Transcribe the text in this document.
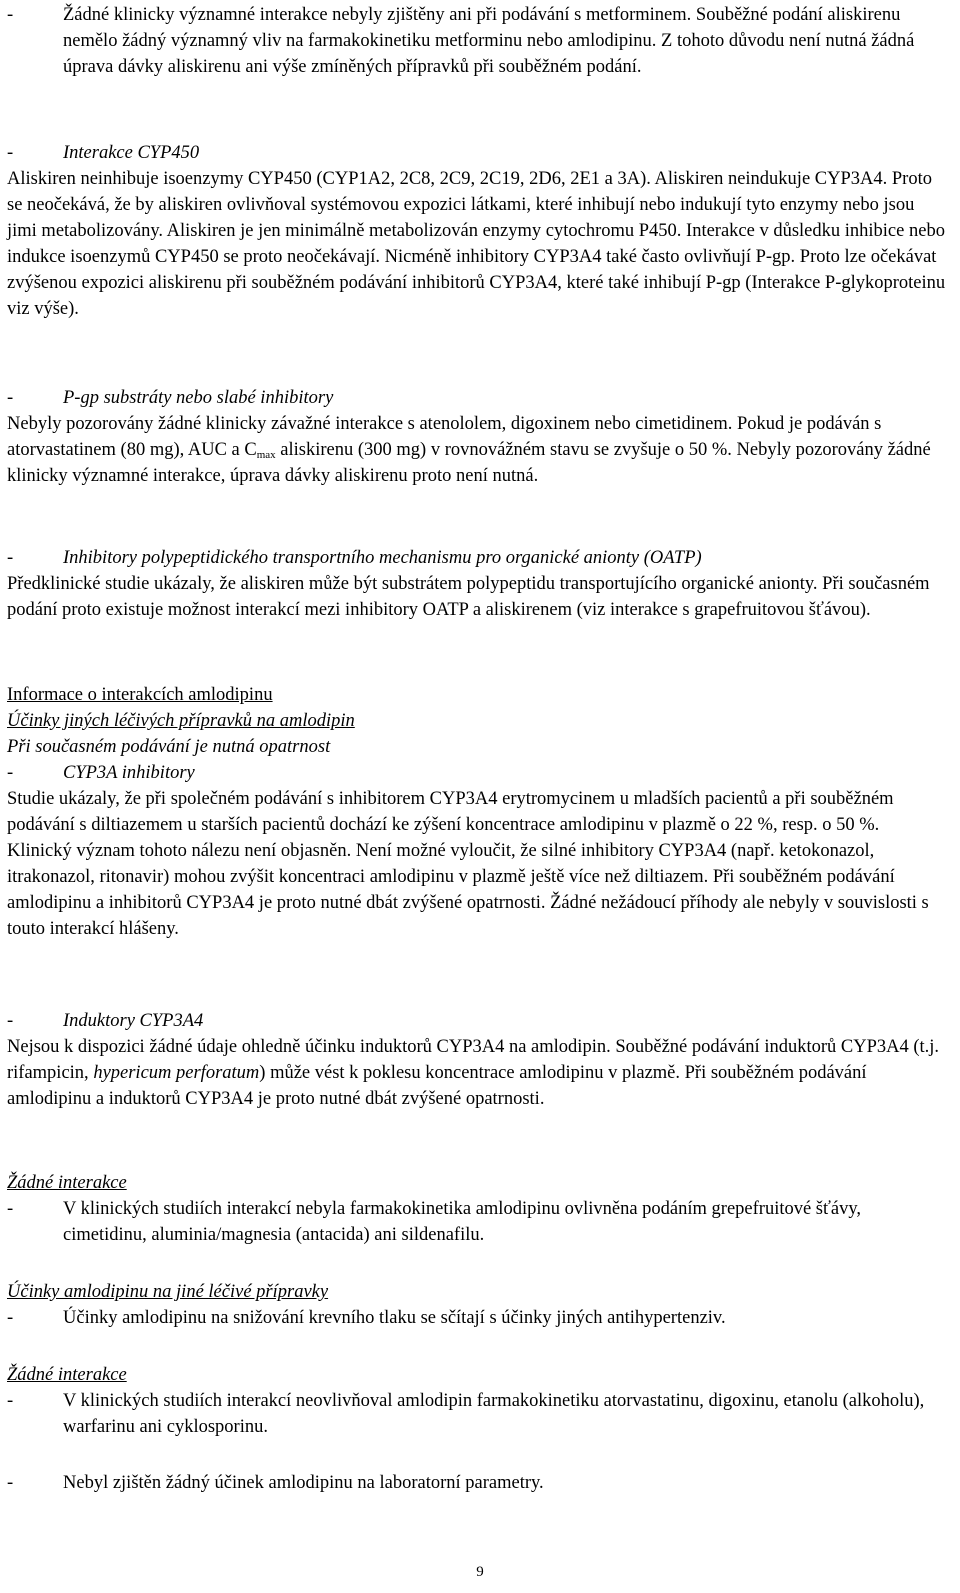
-	Žádné klinicky významné interakce nebyly zjištěny ani při podávání s metforminem. Souběžné podání aliskirenu nemělo žádný významný vliv na farmakokinetiku metforminu nebo amlodipinu. Z tohoto důvodu není nutná žádná úprava dávky aliskirenu ani výše zmíněných přípravků při souběžném podání.

-	Interakce CYP450

Aliskiren neinhibuje isoenzymy CYP450 (CYP1A2, 2C8, 2C9, 2C19, 2D6, 2E1 a 3A). Aliskiren neindukuje CYP3A4. Proto se neočekává, že by aliskiren ovlivňoval systémovou expozici látkami, které inhibují nebo indukují tyto enzymy nebo jsou jimi metabolizovány. Aliskiren je jen minimálně metabolizován enzymy cytochromu P450. Interakce v důsledku inhibice nebo indukce isoenzymů CYP450 se proto neočekávají. Nicméně inhibitory CYP3A4 také často ovlivňují P-gp. Proto lze očekávat zvýšenou expozici aliskirenu při souběžném podávání inhibitorů CYP3A4, které také inhibují P-gp (Interakce P-glykoproteinu viz výše).

-	P-gp substráty nebo slabé inhibitory

Nebyly pozorovány žádné klinicky závažné interakce s atenololem, digoxinem nebo cimetidinem. Pokud je podáván s atorvastatinem (80 mg), AUC a $C_{max}$ aliskirenu (300 mg) v rovnovážném stavu se zvyšuje o 50 %. Nebyly pozorovány žádné klinicky významné interakce, úprava dávky aliskirenu proto není nutná.

-	Inhibitory polypeptidického transportního mechanismu pro organické anionty (OATP)

Předklinické studie ukázaly, že aliskiren může být substrátem polypeptidu transportujícího organické anionty. Při současném podání proto existuje možnost interakcí mezi inhibitory OATP a aliskirenem (viz interakce s grapefruitovou šťávou).

Informace o interakcích amlodipinu

Účinky jiných léčivých přípravků na amlodipin

Při současném podávání je nutná opatrnost

-	CYP3A inhibitory

Studie ukázaly, že při společném podávání s inhibitorem CYP3A4 erytromycinem u mladších pacientů a při souběžném podávání s diltiazemem u starších pacientů dochází ke zýšení koncentrace amlodipinu v plazmě o 22 %, resp. o 50 %. Klinický význam tohoto nálezu není objasněn. Není možné vyloučit, že silné inhibitory CYP3A4 (např. ketokonazol, itrakonazol, ritonavir) mohou zvýšit koncentraci amlodipinu v plazmě ještě více než diltiazem. Při souběžném podávání amlodipinu a inhibitorů CYP3A4 je proto nutné dbát zvýšené opatrnosti. Žádné nežádoucí příhody ale nebyly v souvislosti s touto interakcí hlášeny.

-	Induktory CYP3A4

Nejsou k dispozici žádné údaje ohledně účinku induktorů CYP3A4 na amlodipin. Souběžné podávání induktorů CYP3A4 (t.j. rifampicin, hypericum perforatum) může vést k poklesu koncentrace amlodipinu v plazmě. Při souběžném podávání amlodipinu a induktorů CYP3A4 je proto nutné dbát zvýšené opatrnosti.

Žádné interakce

-	V klinických studiích interakcí nebyla farmakokinetika amlodipinu ovlivněna podáním grepefruitové šťávy, cimetidinu, aluminia/magnesia (antacida) ani sildenafilu.

Účinky amlodipinu na jiné léčivé přípravky

-	Účinky amlodipinu na snižování krevního tlaku se sčítají s účinky jiných antihypertenziv.

Žádné interakce

-	V klinických studiích interakcí neovlivňoval amlodipin farmakokinetiku atorvastatinu, digoxinu, etanolu (alkoholu), warfarinu ani cyklosporinu.

-	Nebyl zjištěn žádný účinek amlodipinu na laboratorní parametry.

9
